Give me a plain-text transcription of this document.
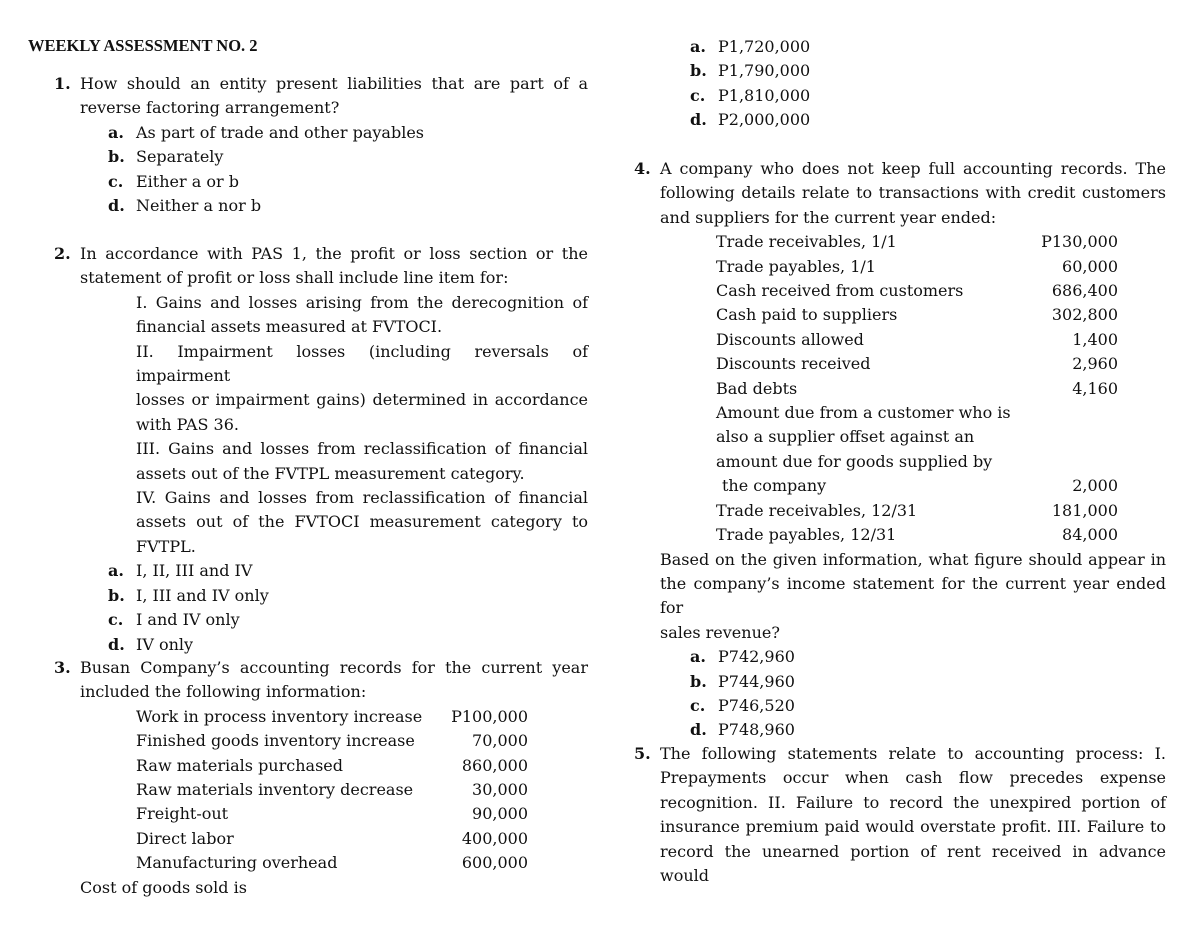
WEEKLY ASSESSMENT NO. 2
1. How should an entity present liabilities that are part of a
reverse factoring arrangement?
a. As part of trade and other payables
b. Separately
c. Either a or b
d. Neither a nor b
2. In accordance with PAS 1, the profit or loss section or the
statement of profit or loss shall include line item for:
I. Gains and losses arising from the derecognition of
financial assets measured at FVTOCI.
II. Impairment losses (including reversals of impairment
losses or impairment gains) determined in accordance
with PAS 36.
III. Gains and losses from reclassification of financial
assets out of the FVTPL measurement category.
IV. Gains and losses from reclassification of financial
assets out of the FVTOCI measurement category to
FVTPL.
a. I, II, III and IV
b. I, III and IV only
c. I and IV only
d. IV only
3. Busan Company’s accounting records for the current year
included the following information:
Work in process inventory increase P100,000
Finished goods inventory increase	70,000
Raw materials purchased	860,000
Raw materials inventory decrease	30,000
Freight-out	90,000
Direct labor	400,000
Manufacturing overhead	600,000
Cost of goods sold is
a. P1,720,000
b. P1,790,000
c. P1,810,000
d. P2,000,000
4. A company who does not keep full accounting records. The
following details relate to transactions with credit customers
and suppliers for the current year ended:
Trade receivables, 1/1	P130,000
Trade payables, 1/1	60,000
Cash received from customers	686,400
Cash paid to suppliers	302,800
Discounts allowed	1,400
Discounts received	2,960
Bad debts	4,160
Amount due from a customer who is
also a supplier offset against an
amount due for goods supplied by
the company	2,000
Trade receivables, 12/31	181,000
Trade payables, 12/31	84,000
Based on the given information, what figure should appear in
the company’s income statement for the current year ended for
sales revenue?
a. P742,960
b. P744,960
c. P746,520
d. P748,960
5. The following statements relate to accounting process: I.
Prepayments occur when cash flow precedes expense
recognition. II. Failure to record the unexpired portion of
insurance premium paid would overstate profit. III. Failure to
record the unearned portion of rent received in advance would
